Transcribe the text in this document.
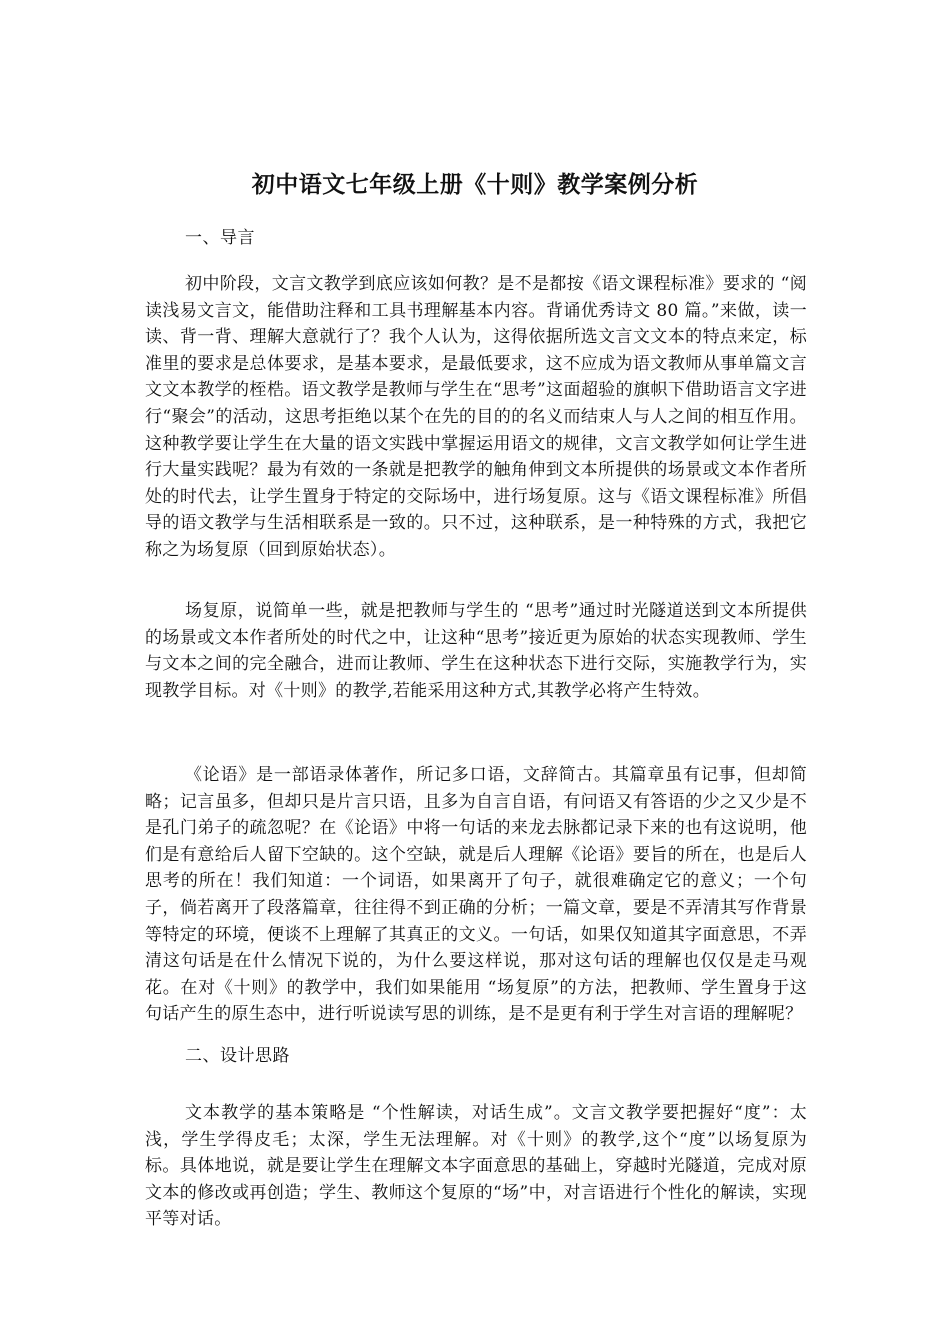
初中语文七年级上册《十则》教学案例分析
一、导言

初中阶段，文言文教学到底应该如何教？是不是都按《语文课程标准》要求的 “阅读浅易文言文，能借助注释和工具书理解基本内容。背诵优秀诗文 80 篇。”来做，读一读、背一背、理解大意就行了？我个人认为，这得依据所选文言文文本的特点来定，标准里的要求是总体要求，是基本要求，是最低要求，这不应成为语文教师从事单篇文言文文本教学的桎梏。语文教学是教师与学生在“思考”这面超验的旗帜下借助语言文字进行“聚会”的活动，这思考拒绝以某个在先的目的的名义而结束人与人之间的相互作用。这种教学要让学生在大量的语文实践中掌握运用语文的规律，文言文教学如何让学生进行大量实践呢？最为有效的一条就是把教学的触角伸到文本所提供的场景或文本作者所处的时代去，让学生置身于特定的交际场中，进行场复原。这与《语文课程标准》所倡导的语文教学与生活相联系是一致的。只不过，这种联系，是一种特殊的方式，我把它称之为场复原（回到原始状态）。

场复原，说简单一些，就是把教师与学生的 “思考”通过时光隧道送到文本所提供的场景或文本作者所处的时代之中，让这种“思考”接近更为原始的状态实现教师、学生与文本之间的完全融合，进而让教师、学生在这种状态下进行交际，实施教学行为，实现教学目标。对《十则》的教学,若能采用这种方式,其教学必将产生特效。

《论语》是一部语录体著作，所记多口语，文辞简古。其篇章虽有记事，但却简略；记言虽多，但却只是片言只语，且多为自言自语，有问语又有答语的少之又少是不是孔门弟子的疏忽呢？在《论语》中将一句话的来龙去脉都记录下来的也有这说明，他们是有意给后人留下空缺的。这个空缺，就是后人理解《论语》要旨的所在，也是后人思考的所在！我们知道：一个词语，如果离开了句子，就很难确定它的意义；一个句子，倘若离开了段落篇章，往往得不到正确的分析；一篇文章，要是不弄清其写作背景等特定的环境，便谈不上理解了其真正的文义。一句话，如果仅知道其字面意思，不弄清这句话是在什么情况下说的，为什么要这样说，那对这句话的理解也仅仅是走马观花。在对《十则》的教学中，我们如果能用 “场复原”的方法，把教师、学生置身于这句话产生的原生态中，进行听说读写思的训练，是不是更有利于学生对言语的理解呢？

二、设计思路

文本教学的基本策略是 “个性解读，对话生成”。文言文教学要把握好“度”：太浅，学生学得皮毛；太深，学生无法理解。对《十则》的教学,这个“度”以场复原为标。具体地说，就是要让学生在理解文本字面意思的基础上，穿越时光隧道，完成对原文本的修改或再创造；学生、教师这个复原的“场”中，对言语进行个性化的解读，实现平等对话。
